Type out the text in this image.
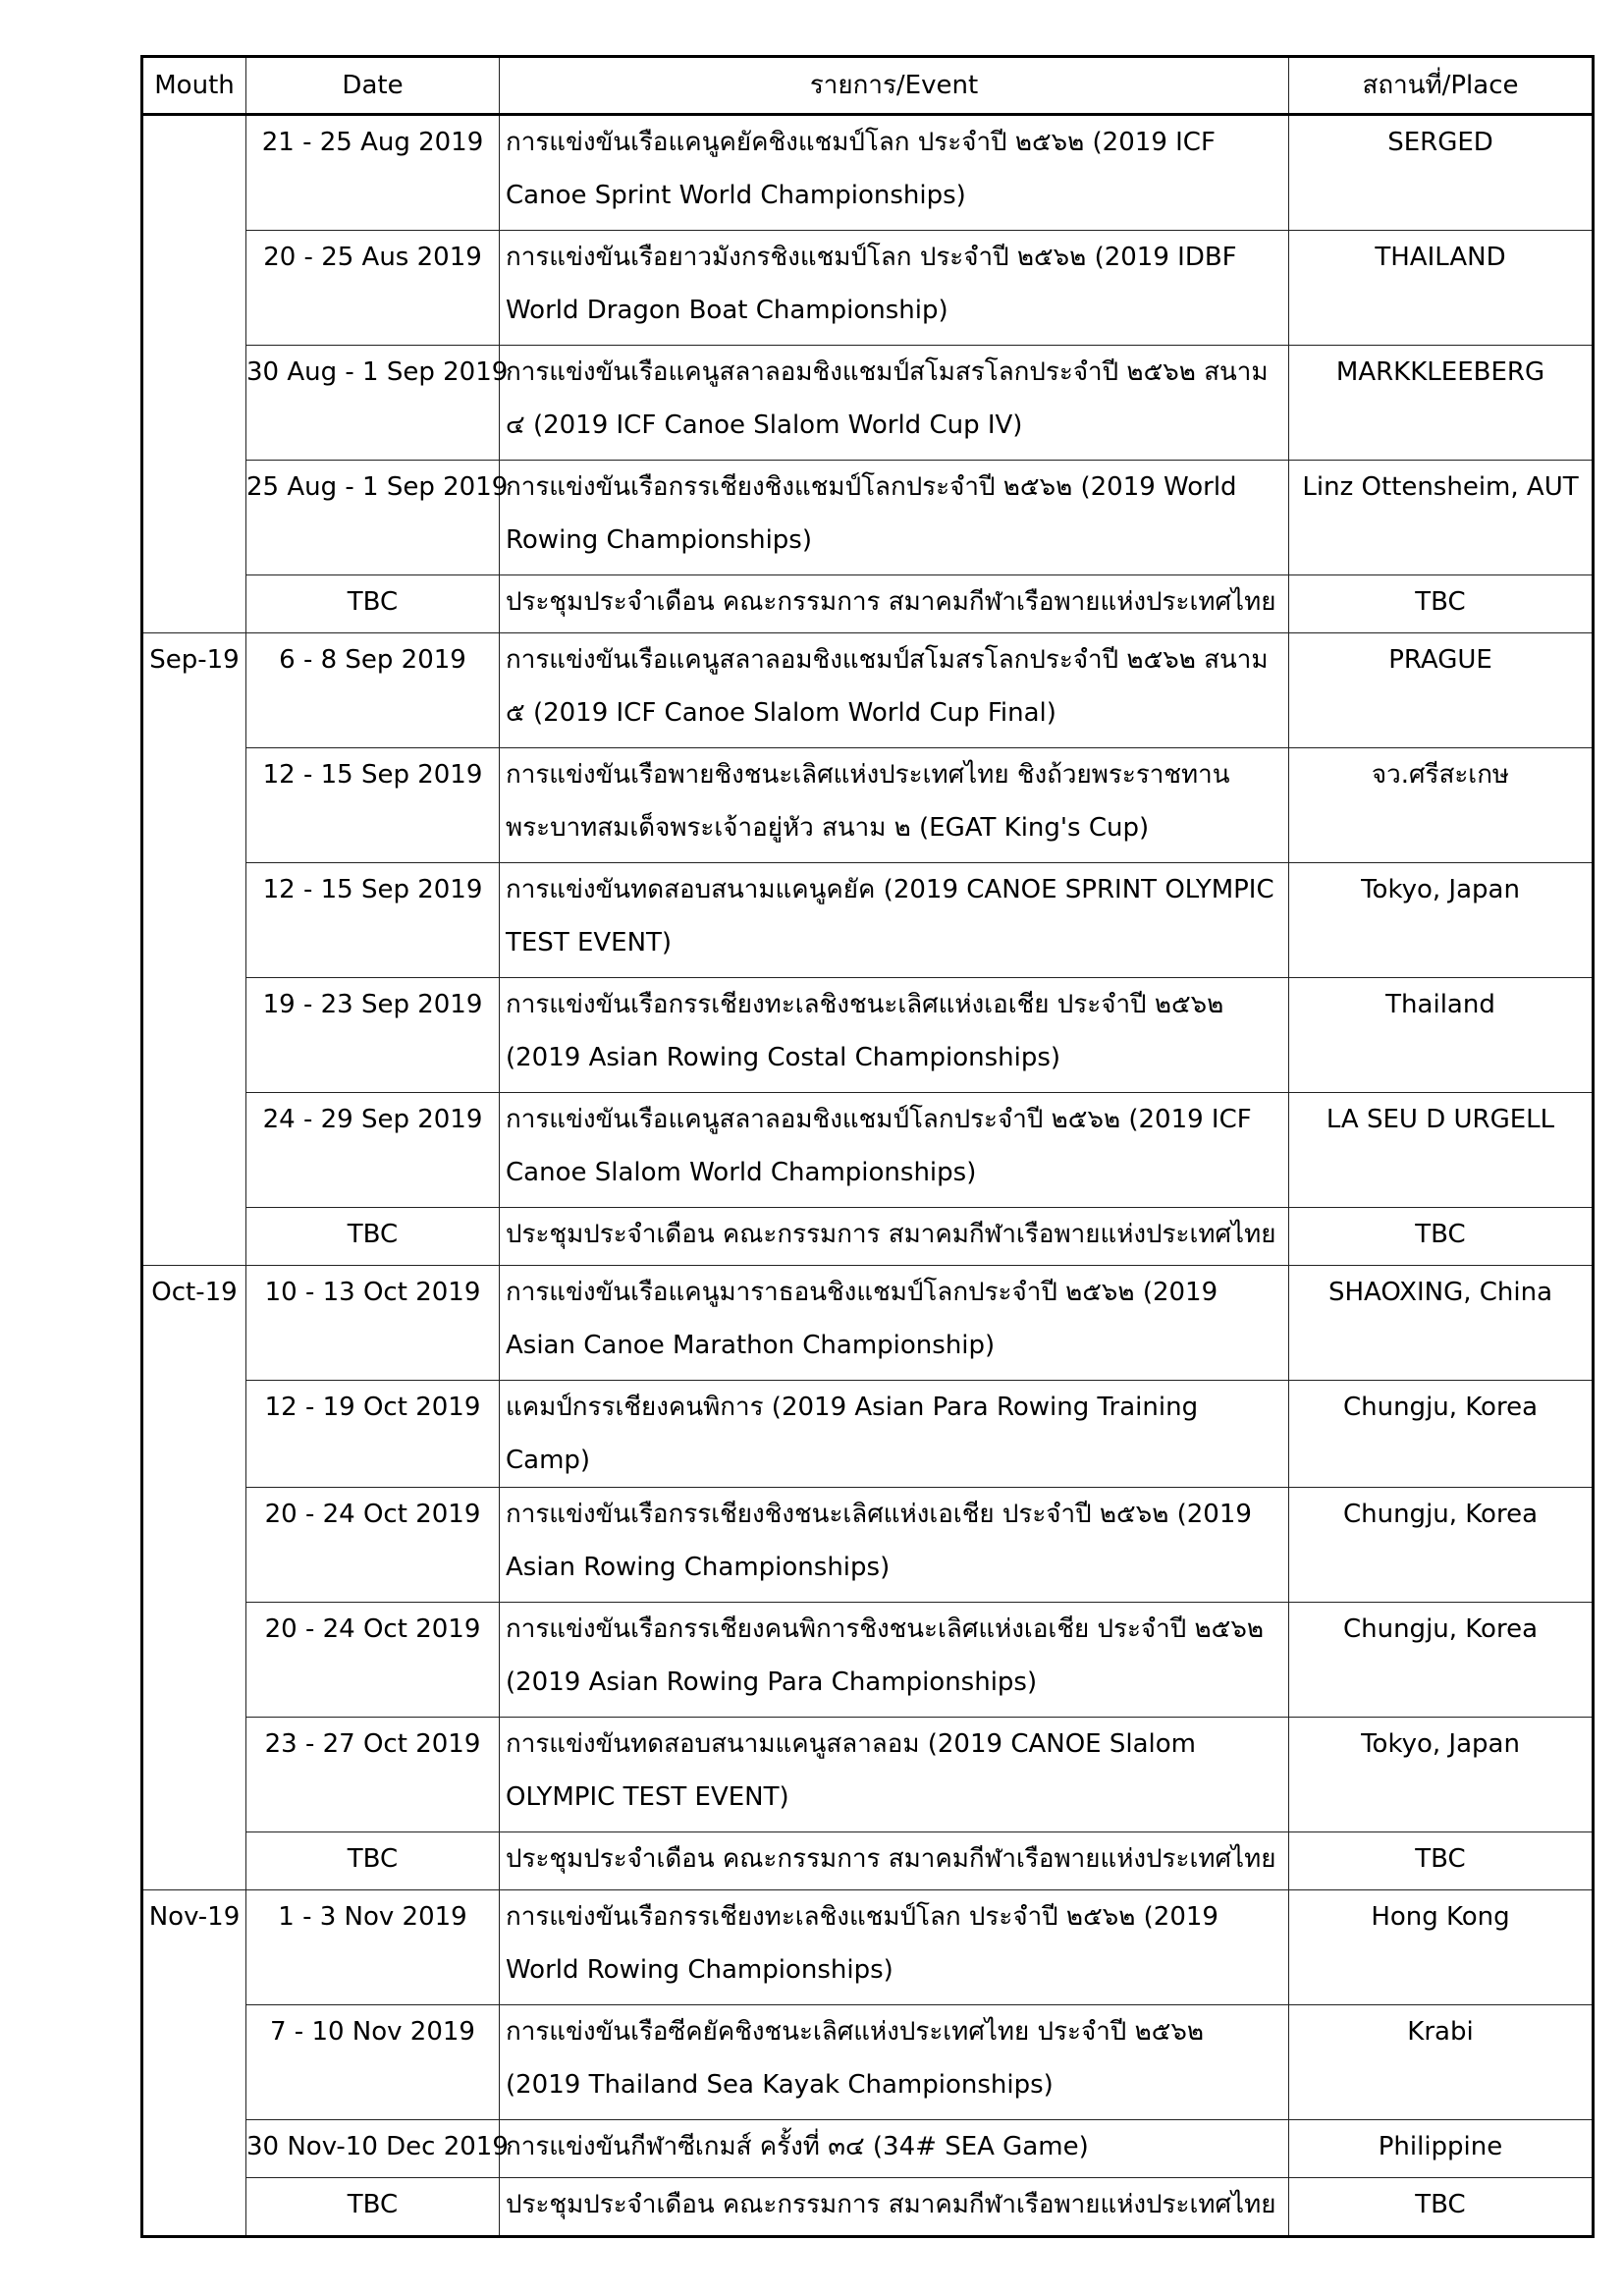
Mouth	Date	รายการ/Event	สถานที่/Place
	21 - 25 Aug 2019	การแข่งขันเรือแคนูคยัคชิงแชมป์โลก ประจำปี ๒๕๖๒ (2019 ICF Canoe Sprint World Championships)	SERGED
	20 - 25 Aus 2019	การแข่งขันเรือยาวมังกรชิงแชมป์โลก ประจำปี ๒๕๖๒ (2019 IDBF World Dragon Boat Championship)	THAILAND
	30 Aug - 1 Sep 2019	การแข่งขันเรือแคนูสลาลอมชิงแชมป์สโมสรโลกประจำปี ๒๕๖๒ สนาม ๔ (2019 ICF Canoe Slalom World Cup IV)	MARKKLEEBERG
	25 Aug - 1 Sep 2019	การแข่งขันเรือกรรเชียงชิงแชมป์โลกประจำปี ๒๕๖๒ (2019 World Rowing Championships)	Linz Ottensheim, AUT
	TBC	ประชุมประจำเดือน คณะกรรมการ สมาคมกีฬาเรือพายแห่งประเทศไทย	TBC
Sep-19	6 - 8 Sep 2019	การแข่งขันเรือแคนูสลาลอมชิงแชมป์สโมสรโลกประจำปี ๒๕๖๒ สนาม ๕ (2019 ICF Canoe Slalom World Cup Final)	PRAGUE
	12 - 15 Sep 2019	การแข่งขันเรือพายชิงชนะเลิศแห่งประเทศไทย ชิงถ้วยพระราชทาน พระบาทสมเด็จพระเจ้าอยู่หัว สนาม ๒ (EGAT King's Cup)	จว.ศรีสะเกษ
	12 - 15 Sep 2019	การแข่งขันทดสอบสนามแคนูคยัค (2019 CANOE SPRINT OLYMPIC TEST EVENT)	Tokyo, Japan
	19 - 23 Sep 2019	การแข่งขันเรือกรรเชียงทะเลชิงชนะเลิศแห่งเอเชีย ประจำปี ๒๕๖๒ (2019 Asian Rowing Costal Championships)	Thailand
	24 - 29 Sep 2019	การแข่งขันเรือแคนูสลาลอมชิงแชมป์โลกประจำปี ๒๕๖๒ (2019 ICF Canoe Slalom World Championships)	LA SEU D URGELL
	TBC	ประชุมประจำเดือน คณะกรรมการ สมาคมกีฬาเรือพายแห่งประเทศไทย	TBC
Oct-19	10 - 13 Oct 2019	การแข่งขันเรือแคนูมาราธอนชิงแชมป์โลกประจำปี ๒๕๖๒ (2019 Asian Canoe Marathon Championship)	SHAOXING, China
	12 - 19 Oct 2019	แคมป์กรรเชียงคนพิการ (2019 Asian Para Rowing Training Camp)	Chungju, Korea
	20 - 24 Oct 2019	การแข่งขันเรือกรรเชียงชิงชนะเลิศแห่งเอเชีย ประจำปี ๒๕๖๒ (2019 Asian Rowing Championships)	Chungju, Korea
	20 - 24 Oct 2019	การแข่งขันเรือกรรเชียงคนพิการชิงชนะเลิศแห่งเอเชีย ประจำปี ๒๕๖๒ (2019 Asian Rowing Para Championships)	Chungju, Korea
	23 - 27 Oct 2019	การแข่งขันทดสอบสนามแคนูสลาลอม (2019 CANOE Slalom OLYMPIC TEST EVENT)	Tokyo, Japan
	TBC	ประชุมประจำเดือน คณะกรรมการ สมาคมกีฬาเรือพายแห่งประเทศไทย	TBC
Nov-19	1 - 3 Nov 2019	การแข่งขันเรือกรรเชียงทะเลชิงแชมป์โลก ประจำปี ๒๕๖๒ (2019 World Rowing Championships)	Hong Kong
	7 - 10 Nov 2019	การแข่งขันเรือซีคยัคชิงชนะเลิศแห่งประเทศไทย ประจำปี ๒๕๖๒ (2019 Thailand Sea Kayak Championships)	Krabi
	30 Nov-10 Dec 2019	การแข่งขันกีฬาซีเกมส์ ครั้งที่ ๓๔ (34# SEA Game)	Philippine
	TBC	ประชุมประจำเดือน คณะกรรมการ สมาคมกีฬาเรือพายแห่งประเทศไทย	TBC
